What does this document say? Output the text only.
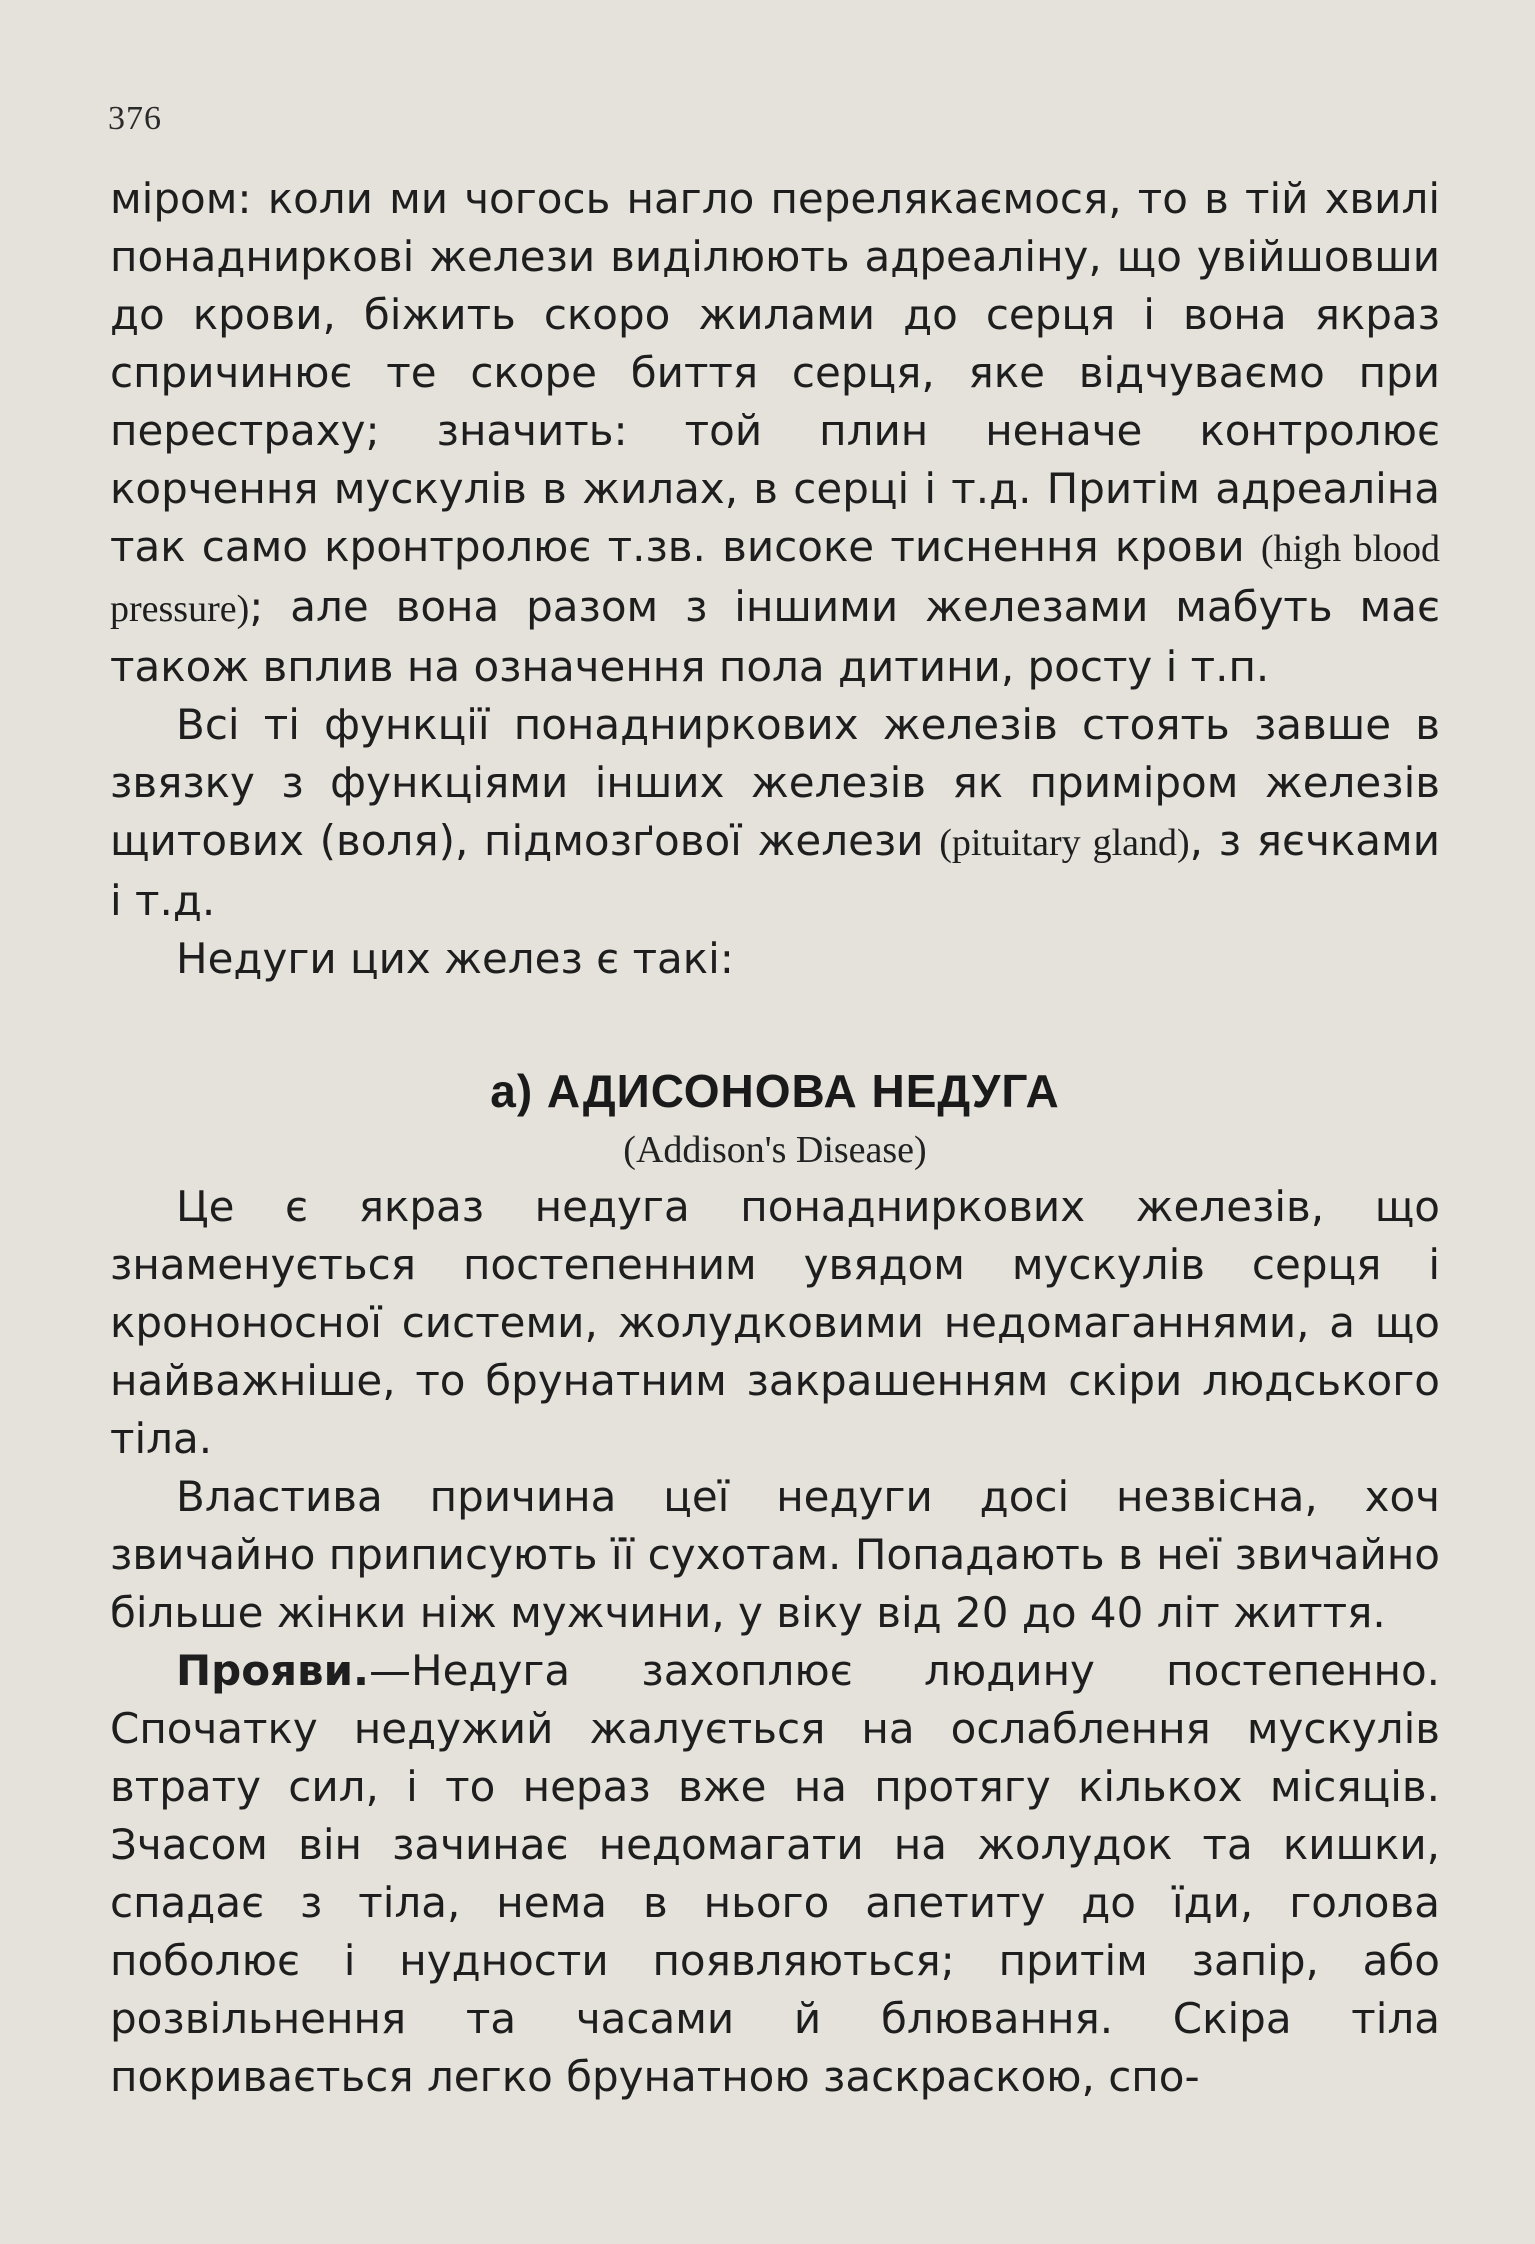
376

міром: коли ми чогось нагло перелякаємося, то в тій хвилі понадниркові желези виділюють адреаліну, що увійшовши до крови, біжить скоро жилами до серця і вона якраз спричинює те скоре биття серця, яке відчуваємо при перестраху; значить: той плин неначе контролює корчення мускулів в жилах, в серці і т.д. Притім адреаліна так само кронтролює т.зв. високе тиснення крови (high blood pressure); але вона разом з іншими железами мабуть має також вплив на означення пола дитини, росту і т.п.

Всі ті функції понадниркових железів стоять завше в звязку з функціями інших железів як приміром железів щитових (воля), підмозґової желези (pituitary gland), з яєчками і т.д.

Недуги цих желез є такі:

а) АДИСОНОВА НЕДУГА

(Addison's Disease)

Це є якраз недуга понадниркових железів, що знаменується постепенним увядом мускулів серця і крононосної системи, жолудковими недомаганнями, а що найважніше, то брунатним закрашенням скіри людського тіла.

Властива причина цеї недуги досі незвісна, хоч звичайно приписують її сухотам. Попадають в неї звичайно більше жінки ніж мужчини, у віку від 20 до 40 літ життя.

Прояви.—Недуга захоплює людину постепенно. Спочатку недужий жалується на ослаблення мускулів втрату сил, і то нераз вже на протягу кількох місяців. Зчасом він зачинає недомагати на жолудок та кишки, спадає з тіла, нема в нього апетиту до їди, голова поболює і нудности появляються; притім запір, або розвільнення та часами й блювання. Скіра тіла покривається легко брунатною заскраскою, спо-
